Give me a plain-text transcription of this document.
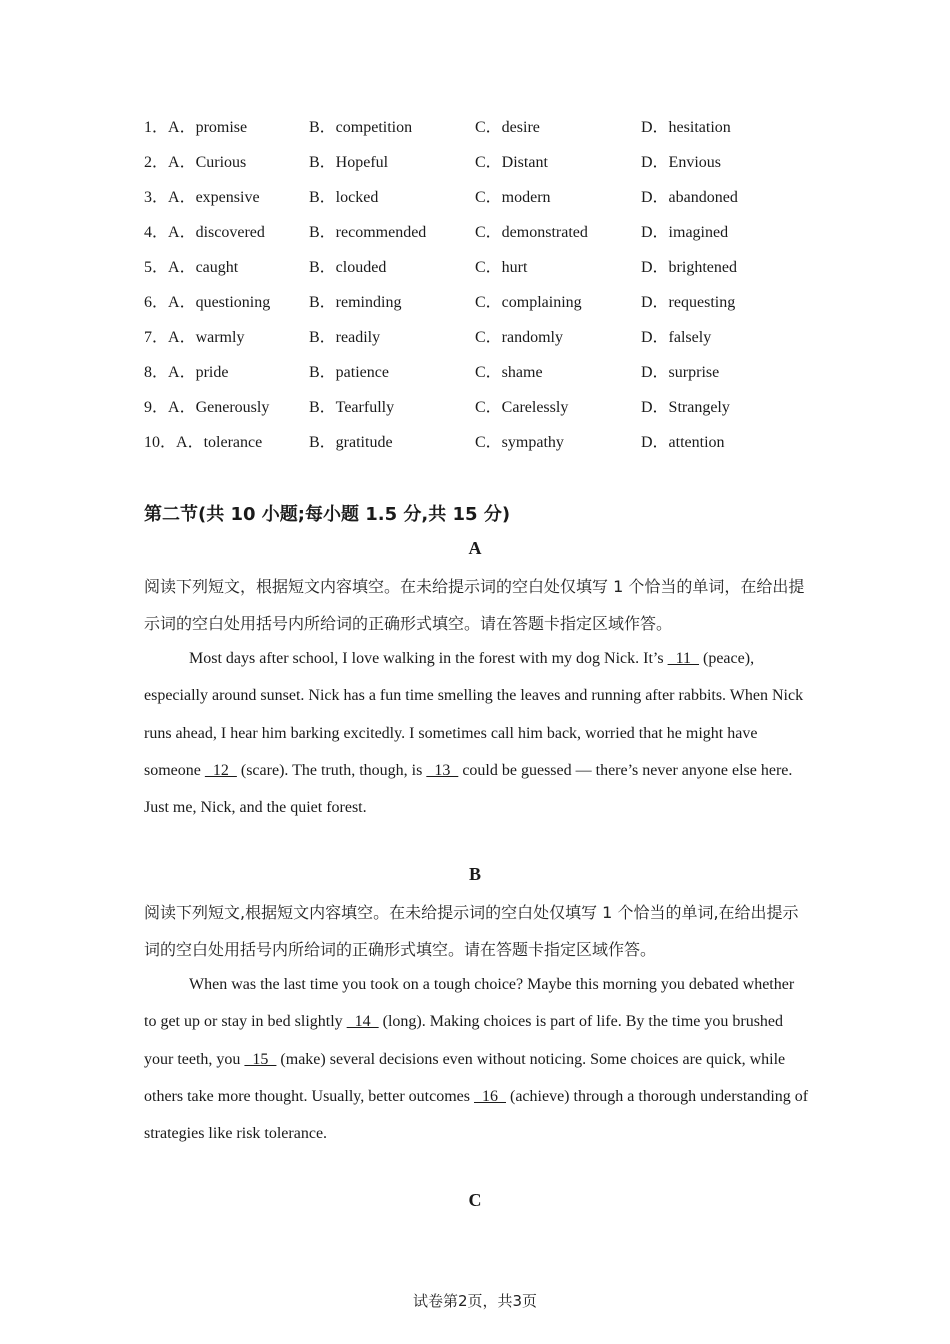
1．A．promise	B．competition	C．desire	D．hesitation
2．A．Curious	B．Hopeful	C．Distant	D．Envious
3．A．expensive	B．locked	C．modern	D．abandoned
4．A．discovered	B．recommended	C．demonstrated	D．imagined
5．A．caught	B．clouded	C．hurt	D．brightened
6．A．questioning B．reminding	C．complaining	D．requesting
7．A．warmly	B．readily	C．randomly	D．falsely
8．A．pride	B．patience	C．shame	D．surprise
9．A．Generously B．Tearfully	C．Carelessly	D．Strangely
10．A．tolerance	B．gratitude	C．sympathy	D．attention
第二节(共 10 小题;每小题 1.5 分,共 15 分)
A
阅读下列短文，根据短文内容填空。在未给提示词的空白处仅填写 1 个恰当的单词，在给出提示词的空白处用括号内所给词的正确形式填空。请在答题卡指定区域作答。
Most days after school, I love walking in the forest with my dog Nick. It’s   11   (peace), especially around sunset. Nick has a fun time smelling the leaves and running after rabbits. When Nick runs ahead, I hear him barking excitedly. I sometimes call him back, worried that he might have someone   12   (scare). The truth, though, is   13   could be guessed — there’s never anyone else here. Just me, Nick, and the quiet forest.
B
阅读下列短文,根据短文内容填空。在未给提示词的空白处仅填写 1 个恰当的单词,在给出提示词的空白处用括号内所给词的正确形式填空。请在答题卡指定区域作答。
When was the last time you took on a tough choice? Maybe this morning you debated whether to get up or stay in bed slightly   14   (long). Making choices is part of life. By the time you brushed your teeth, you   15   (make) several decisions even without noticing. Some choices are quick, while others take more thought. Usually, better outcomes   16   (achieve) through a thorough understanding of strategies like risk tolerance.
C
试卷第2页，共3页
